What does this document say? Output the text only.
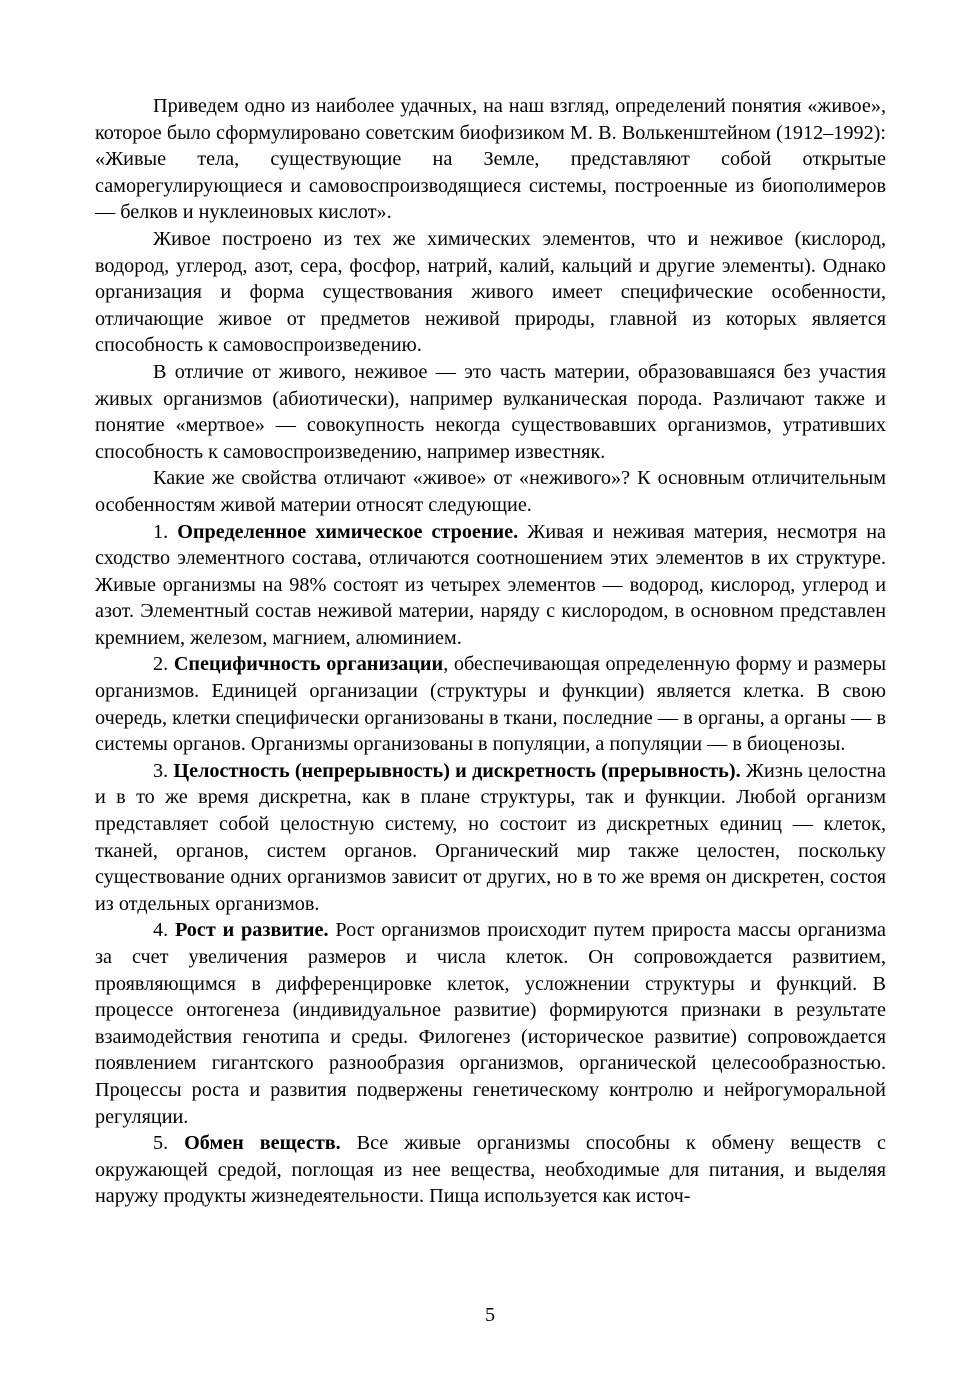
Приведем одно из наиболее удачных, на наш взгляд, определений понятия «живое», которое было сформулировано советским биофизиком М. В. Волькенштейном (1912–1992): «Живые тела, существующие на Земле, представляют собой открытые саморегулирующиеся и самовоспроизводящиеся системы, построенные из биополимеров — белков и нуклеиновых кислот».

Живое построено из тех же химических элементов, что и неживое (кислород, водород, углерод, азот, сера, фосфор, натрий, калий, кальций и другие элементы). Однако организация и форма существования живого имеет специфические особенности, отличающие живое от предметов неживой природы, главной из которых является способность к самовоспроизведению.

В отличие от живого, неживое — это часть материи, образовавшаяся без участия живых организмов (абиотически), например вулканическая порода. Различают также и понятие «мертвое» — совокупность некогда существовавших организмов, утративших способность к самовоспроизведению, например известняк.

Какие же свойства отличают «живое» от «неживого»? К основным отличительным особенностям живой материи относят следующие.

1. Определенное химическое строение. Живая и неживая материя, несмотря на сходство элементного состава, отличаются соотношением этих элементов в их структуре. Живые организмы на 98% состоят из четырех элементов — водород, кислород, углерод и азот. Элементный состав неживой материи, наряду с кислородом, в основном представлен кремнием, железом, магнием, алюминием.

2. Специфичность организации, обеспечивающая определенную форму и размеры организмов. Единицей организации (структуры и функции) является клетка. В свою очередь, клетки специфически организованы в ткани, последние — в органы, а органы — в системы органов. Организмы организованы в популяции, а популяции — в биоценозы.

3. Целостность (непрерывность) и дискретность (прерывность). Жизнь целостна и в то же время дискретна, как в плане структуры, так и функции. Любой организм представляет собой целостную систему, но состоит из дискретных единиц — клеток, тканей, органов, систем органов. Органический мир также целостен, поскольку существование одних организмов зависит от других, но в то же время он дискретен, состоя из отдельных организмов.

4. Рост и развитие. Рост организмов происходит путем прироста массы организма за счет увеличения размеров и числа клеток. Он сопровождается развитием, проявляющимся в дифференцировке клеток, усложнении структуры и функций. В процессе онтогенеза (индивидуальное развитие) формируются признаки в результате взаимодействия генотипа и среды. Филогенез (историческое развитие) сопровождается появлением гигантского разнообразия организмов, органической целесообразностью. Процессы роста и развития подвержены генетическому контролю и нейрогуморальной регуляции.

5. Обмен веществ. Все живые организмы способны к обмену веществ с окружающей средой, поглощая из нее вещества, необходимые для питания, и выделяя наружу продукты жизнедеятельности. Пища используется как источ-

5
